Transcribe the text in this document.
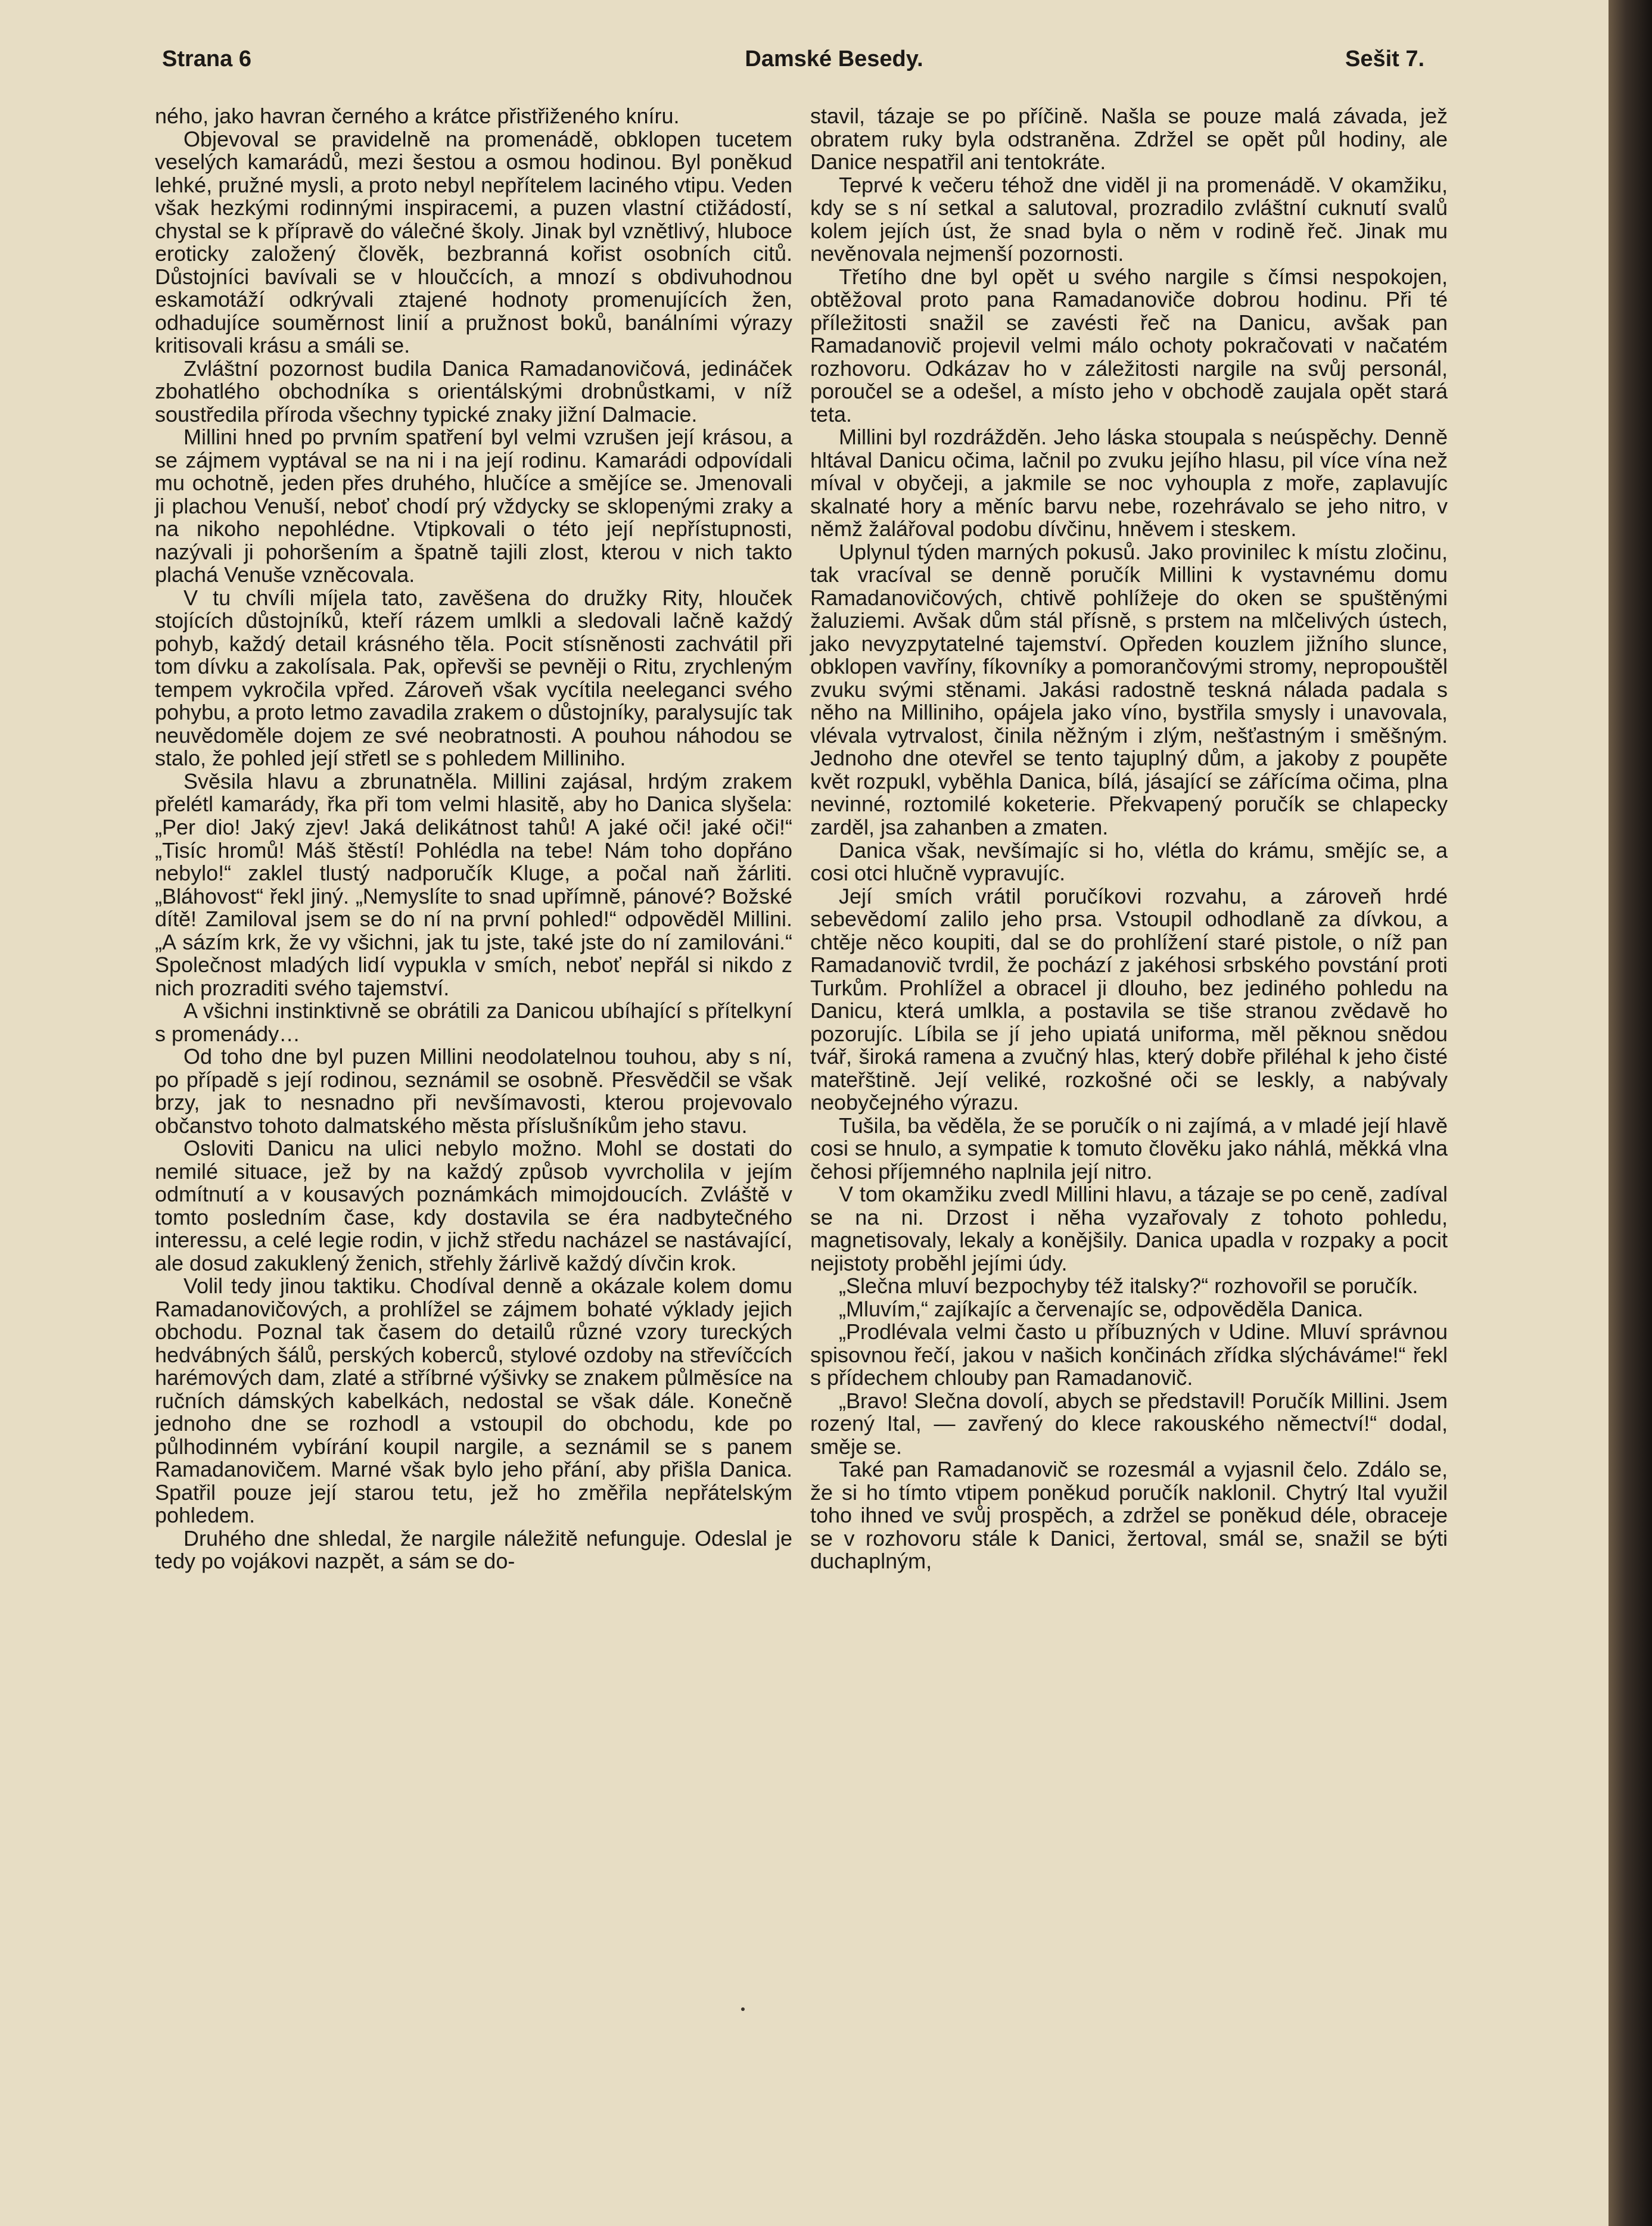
Strana 6	Damské Besedy.	Sešit 7.

ného, jako havran černého a krátce přistřiženého kníru.

Objevoval se pravidelně na promenádě, obklopen tucetem veselých kamarádů, mezi šestou a osmou hodinou. Byl poněkud lehké, pružné mysli, a proto nebyl nepřítelem laciného vtipu. Veden však hezkými rodinnými inspiracemi, a puzen vlastní ctižádostí, chystal se k přípravě do válečné školy. Jinak byl vznětlivý, hluboce eroticky založený člověk, bezbranná kořist osobních citů. Důstojníci bavívali se v hloučcích, a mnozí s obdivuhodnou eskamotáží odkrývali ztajené hodnoty promenujících žen, odhadujíce souměrnost linií a pružnost boků, banálními výrazy kritisovali krásu a smáli se.

Zvláštní pozornost budila Danica Ramadanovičová, jedináček zbohatlého obchodníka s orientálskými drobnůstkami, v níž soustředila příroda všechny typické znaky jižní Dalmacie.

Millini hned po prvním spatření byl velmi vzrušen její krásou, a se zájmem vyptával se na ni i na její rodinu. Kamarádi odpovídali mu ochotně, jeden přes druhého, hlučíce a smějíce se. Jmenovali ji plachou Venuší, neboť chodí prý vždycky se sklopenými zraky a na nikoho nepohlédne. Vtipkovali o této její nepřístupnosti, nazývali ji pohoršením a špatně tajili zlost, kterou v nich takto plachá Venuše vzněcovala.

V tu chvíli míjela tato, zavěšena do družky Rity, hlouček stojících důstojníků, kteří rázem umlkli a sledovali lačně každý pohyb, každý detail krásného těla. Pocit stísněnosti zachvátil při tom dívku a zakolísala. Pak, opřevši se pevněji o Ritu, zrychleným tempem vykročila vpřed. Zároveň však vycítila neeleganci svého pohybu, a proto letmo zavadila zrakem o důstojníky, paralysujíc tak neuvědoměle dojem ze své neobratnosti. A pouhou náhodou se stalo, že pohled její střetl se s pohledem Milliniho.

Svěsila hlavu a zbrunatněla. Millini zajásal, hrdým zrakem přelétl kamarády, řka při tom velmi hlasitě, aby ho Danica slyšela: „Per dio! Jaký zjev! Jaká delikátnost tahů! A jaké oči! jaké oči!“ „Tisíc hromů! Máš štěstí! Pohlédla na tebe! Nám toho dopřáno nebylo!“ zaklel tlustý nadporučík Kluge, a počal naň žárliti. „Bláhovost“ řekl jiný. „Nemyslíte to snad upřímně, pánové? Božské dítě! Zamiloval jsem se do ní na první pohled!“ odpověděl Millini. „A sázím krk, že vy všichni, jak tu jste, také jste do ní zamilováni.“ Společnost mladých lidí vypukla v smích, neboť nepřál si nikdo z nich prozraditi svého tajemství.

A všichni instinktivně se obrátili za Danicou ubíhající s přítelkyní s promenády…

Od toho dne byl puzen Millini neodolatelnou touhou, aby s ní, po případě s její rodinou, seznámil se osobně. Přesvědčil se však brzy, jak to nesnadno při nevšímavosti, kterou projevovalo občanstvo tohoto dalmatského města příslušníkům jeho stavu.

Osloviti Danicu na ulici nebylo možno. Mohl se dostati do nemilé situace, jež by na každý způsob vyvrcholila v jejím odmítnutí a v kousavých poznámkách mimojdoucích. Zvláště v tomto posledním čase, kdy dostavila se éra nadbytečného interessu, a celé legie rodin, v jichž středu nacházel se nastávající, ale dosud zakuklený ženich, střehly žárlivě každý dívčin krok.

Volil tedy jinou taktiku. Chodíval denně a okázale kolem domu Ramadanovičových, a prohlížel se zájmem bohaté výklady jejich obchodu. Poznal tak časem do detailů různé vzory tureckých hedvábných šálů, perských koberců, stylové ozdoby na střevíčcích harémových dam, zlaté a stříbrné výšivky se znakem půlměsíce na ručních dámských kabelkách, nedostal se však dále. Konečně jednoho dne se rozhodl a vstoupil do obchodu, kde po půlhodinném vybírání koupil nargile, a seznámil se s panem Ramadanovičem. Marné však bylo jeho přání, aby přišla Danica. Spatřil pouze její starou tetu, jež ho změřila nepřátelským pohledem.

Druhého dne shledal, že nargile náležitě nefunguje. Odeslal je tedy po vojákovi nazpět, a sám se do-

stavil, tázaje se po příčině. Našla se pouze malá závada, jež obratem ruky byla odstraněna. Zdržel se opět půl hodiny, ale Danice nespatřil ani tentokráte.

Teprvé k večeru téhož dne viděl ji na promenádě. V okamžiku, kdy se s ní setkal a salutoval, prozradilo zvláštní cuknutí svalů kolem jejích úst, že snad byla o něm v rodině řeč. Jinak mu nevěnovala nejmenší pozornosti.

Třetího dne byl opět u svého nargile s čímsi nespokojen, obtěžoval proto pana Ramadanoviče dobrou hodinu. Při té příležitosti snažil se zavésti řeč na Danicu, avšak pan Ramadanovič projevil velmi málo ochoty pokračovati v načatém rozhovoru. Odkázav ho v záležitosti nargile na svůj personál, poroučel se a odešel, a místo jeho v obchodě zaujala opět stará teta.

Millini byl rozdrážděn. Jeho láska stoupala s neúspěchy. Denně hltával Danicu očima, lačnil po zvuku jejího hlasu, pil více vína než míval v obyčeji, a jakmile se noc vyhoupla z moře, zaplavujíc skalnaté hory a měníc barvu nebe, rozehrávalo se jeho nitro, v němž žalářoval podobu dívčinu, hněvem i steskem.

Uplynul týden marných pokusů. Jako provinilec k místu zločinu, tak vracíval se denně poručík Millini k vystavnému domu Ramadanovičových, chtivě pohlížeje do oken se spuštěnými žaluziemi. Avšak dům stál přísně, s prstem na mlčelivých ústech, jako nevyzpytatelné tajemství. Opředen kouzlem jižního slunce, obklopen vavříny, fíkovníky a pomorančovými stromy, nepropouštěl zvuku svými stěnami. Jakási radostně teskná nálada padala s něho na Milliniho, opájela jako víno, bystřila smysly i unavovala, vlévala vytrvalost, činila něžným i zlým, nešťastným i směšným. Jednoho dne otevřel se tento tajuplný dům, a jakoby z poupěte květ rozpukl, vyběhla Danica, bílá, jásající se zářícíma očima, plna nevinné, roztomilé koketerie. Překvapený poručík se chlapecky zarděl, jsa zahanben a zmaten.

Danica však, nevšímajíc si ho, vlétla do krámu, smějíc se, a cosi otci hlučně vypravujíc.

Její smích vrátil poručíkovi rozvahu, a zároveň hrdé sebevědomí zalilo jeho prsa. Vstoupil odhodlaně za dívkou, a chtěje něco koupiti, dal se do prohlížení staré pistole, o níž pan Ramadanovič tvrdil, že pochází z jakéhosi srbského povstání proti Turkům. Prohlížel a obracel ji dlouho, bez jediného pohledu na Danicu, která umlkla, a postavila se tiše stranou zvědavě ho pozorujíc. Líbila se jí jeho upiatá uniforma, měl pěknou snědou tvář, široká ramena a zvučný hlas, který dobře přiléhal k jeho čisté mateřštině. Její veliké, rozkošné oči se leskly, a nabývaly neobyčejného výrazu.

Tušila, ba věděla, že se poručík o ni zajímá, a v mladé její hlavě cosi se hnulo, a sympatie k tomuto člověku jako náhlá, měkká vlna čehosi příjemného naplnila její nitro.

V tom okamžiku zvedl Millini hlavu, a tázaje se po ceně, zadíval se na ni. Drzost i něha vyzařovaly z tohoto pohledu, magnetisovaly, lekaly a konějšily. Danica upadla v rozpaky a pocit nejistoty proběhl jejími údy.

„Slečna mluví bezpochyby též italsky?“ rozhovořil se poručík.

„Mluvím,“ zajíkajíc a červenajíc se, odpověděla Danica.

„Prodlévala velmi často u příbuzných v Udine. Mluví správnou spisovnou řečí, jakou v našich končinách zřídka slýcháváme!“ řekl s přídechem chlouby pan Ramadanovič.

„Bravo! Slečna dovolí, abych se představil! Poručík Millini. Jsem rozený Ital, — zavřený do klece rakouského němectví!“ dodal, směje se.

Také pan Ramadanovič se rozesmál a vyjasnil čelo. Zdálo se, že si ho tímto vtipem poněkud poručík naklonil. Chytrý Ital využil toho ihned ve svůj prospěch, a zdržel se poněkud déle, obraceje se v rozhovoru stále k Danici, žertoval, smál se, snažil se býti duchaplným,
